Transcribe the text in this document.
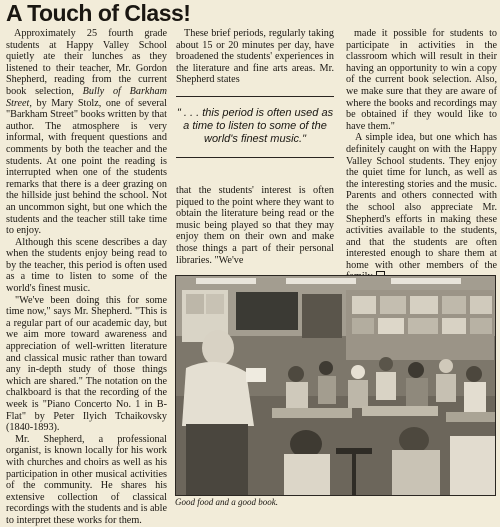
A Touch of Class!

Approximately 25 fourth grade students at Happy Valley School quietly ate their lunches as they listened to their teacher, Mr. Gordon Shepherd, reading from the current book selection, Bully of Barkham Street, by Mary Stolz, one of several "Barkham Street" books written by that author. The atmosphere is very informal, with frequent questions and comments by both the teacher and the students. At one point the reading is interrupted when one of the students remarks that there is a deer grazing on the hillside just behind the school. Not an uncommon sight, but one which the students and the teacher still take time to enjoy.

Although this scene describes a day when the students enjoy being read to by the teacher, this period is often used as a time to listen to some of the world's finest music.

"We've been doing this for some time now," says Mr. Shepherd. "This is a regular part of our academic day, but we aim more toward awareness and appreciation of well-written literature and classical music rather than toward any in-depth study of those things which are shared." The notation on the chalkboard is that the recording of the week is "Piano Concerto No. 1 in B-Flat" by Peter Ilyich Tchaikovsky (1840-1893).

Mr. Shepherd, a professional organist, is known locally for his work with churches and choirs as well as his participation in other musical activities of the community. He shares his extensive collection of classical recordings with the students and is able to interpret these works for them.

These brief periods, regularly taking about 15 or 20 minutes per day, have broadened the students' experiences in the literature and fine arts areas. Mr. Shepherd states

" . . . this period is often used as a time to listen to some of the world's finest music."

that the students' interest is often piqued to the point where they want to obtain the literature being read or the music being played so that they may enjoy them on their own and make those things a part of their personal libraries. "We've

made it possible for students to participate in activities in the classroom which will result in their having an opportunity to win a copy of the current book selection. Also, we make sure that they are aware of where the books and recordings may be obtained if they would like to have them."

A simple idea, but one which has definitely caught on with the Happy Valley School students. They enjoy the quiet time for lunch, as well as the interesting stories and the music. Parents and others connected with the school also appreciate Mr. Shepherd's efforts in making these activities available to the students, and that the students are often interested enough to share them at home with other members of the

Good food and a good book.
